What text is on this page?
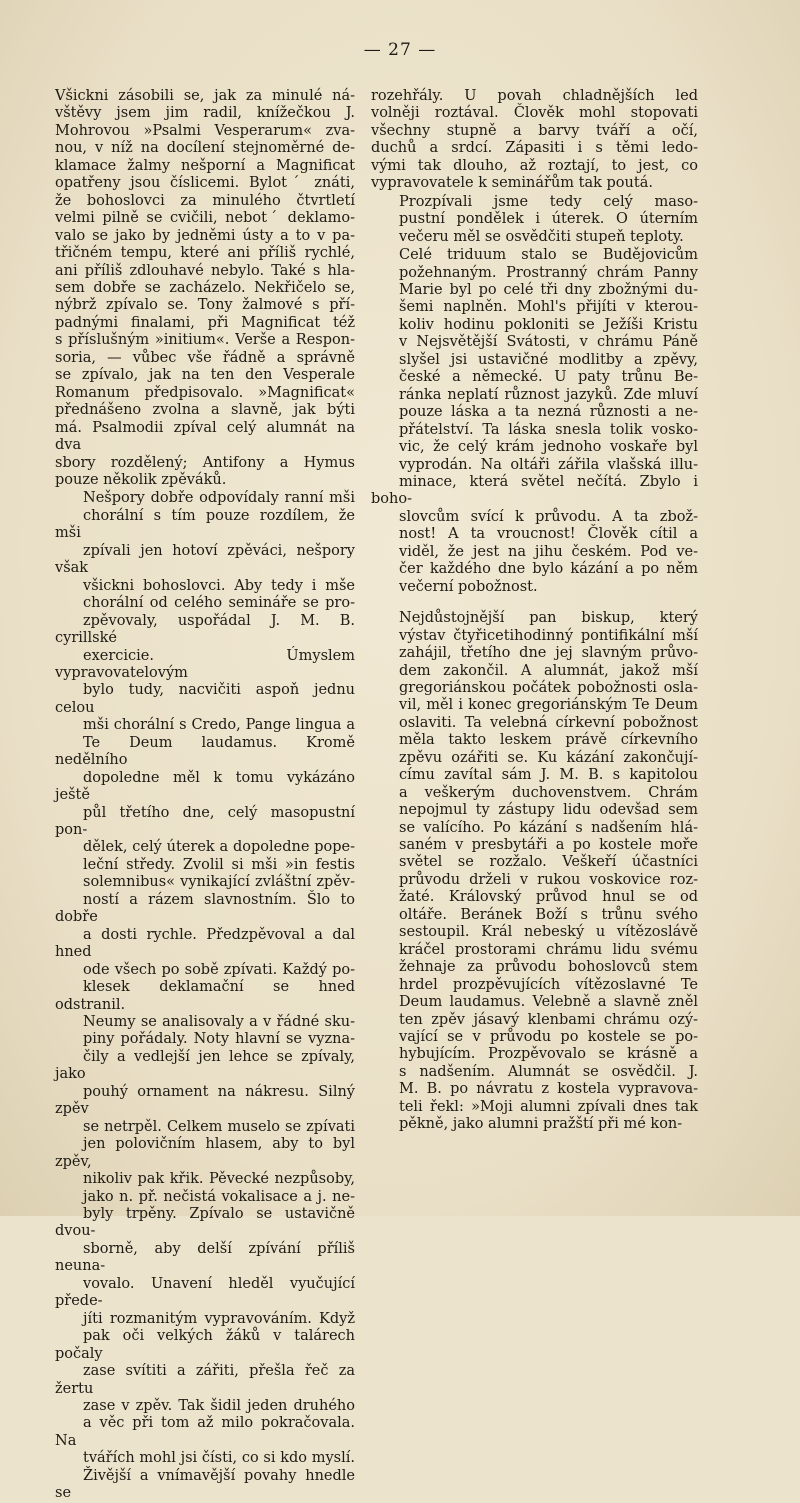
— 27 —
Všickni zásobili se, jak za minulé ná-
vštěvy jsem jim radil, knížečkou J.
Mohrovou »Psalmi Vesperarum« zva-
nou, v níž na docílení stejnoměrné de-
klamace žalmy nešporní a Magnificat
opatřeny jsou číslicemi. Bylotˊ znáti,
že bohoslovci za minulého čtvrtletí
velmi pilně se cvičili, nebotˊ deklamo-
valo se jako by jedněmi ústy a to v pa-
třičném tempu, které ani příliš rychlé,
ani příliš zdlouhavé nebylo. Také s hla-
sem dobře se zacházelo. Nekřičelo se,
nýbrž zpívalo se. Tony žalmové s pří-
padnými finalami, při Magnificat též
s příslušným »initium«. Verše a Respon-
soria, — vůbec vše řádně a správně
se zpívalo, jak na ten den Vesperale
Romanum předpisovalo. »Magnificat«
přednášeno zvolna a slavně, jak býti
má. Psalmodii zpíval celý alumnát na dva
sbory rozdělený; Antifony a Hymus
pouze několik zpěváků.
Nešpory dobře odpovídaly ranní mši
chorální s tím pouze rozdílem, že mši
zpívali jen hotoví zpěváci, nešpory však
všickni bohoslovci. Aby tedy i mše
chorální od celého semináře se pro-
zpěvovaly, uspořádal J. M. B. cyrillské
exercicie. Úmyslem vypravovatelovým
bylo tudy, nacvičiti aspoň jednu celou
mši chorální s Credo, Pange lingua a
Te Deum laudamus. Kromě nedělního
dopoledne měl k tomu vykázáno ještě
půl třetího dne, celý masopustní pon-
dělek, celý úterek a dopoledne pope-
leční středy. Zvolil si mši »in festis
solemnibus« vynikající zvláštní zpěv-
ností a rázem slavnostním. Šlo to dobře
a dosti rychle. Předzpěvoval a dal hned
ode všech po sobě zpívati. Každý po-
klesek deklamační se hned odstranil.
Neumy se analisovaly a v řádné sku-
piny pořádaly. Noty hlavní se vyzna-
čily a vedlejší jen lehce se zpívaly, jako
pouhý ornament na nákresu. Silný zpěv
se netrpěl. Celkem muselo se zpívati
jen polovičním hlasem, aby to byl zpěv,
nikoliv pak křik. Pěvecké nezpůsoby,
jako n. př. nečistá vokalisace a j. ne-
byly trpěny. Zpívalo se ustavičně dvou-
sborně, aby delší zpívání příliš neuna-
vovalo. Unavení hleděl vyučující přede-
jíti rozmanitým vypravováním. Když
pak oči velkých žáků v talárech počaly
zase svítiti a zářiti, přešla řeč za žertu
zase v zpěv. Tak šidil jeden druhého
a věc při tom až milo pokračovala. Na
tvářích mohl jsi čísti, co si kdo myslí.
Živější a vnímavější povahy hnedle se
rozehřály. U povah chladnějších led
volněji roztával. Člověk mohl stopovati
všechny stupně a barvy tváří a očí,
duchů a srdcí. Zápasiti i s těmi ledo-
vými tak dlouho, až roztají, to jest, co
vypravovatele k seminářům tak poutá.
Prozpívali jsme tedy celý maso-
pustní pondělek i úterek. O úterním
večeru měl se osvědčiti stupeň teploty.
Celé triduum stalo se Budějovicům
požehnaným. Prostranný chrám Panny
Marie byl po celé tři dny zbožnými du-
šemi naplněn. Mohl's přijíti v kterou-
koliv hodinu pokloniti se Ježíši Kristu
v Nejsvětější Svátosti, v chrámu Páně
slyšel jsi ustavičné modlitby a zpěvy,
české a německé. U paty trůnu Be-
ránka neplatí různost jazyků. Zde mluví
pouze láska a ta nezná různosti a ne-
přátelství. Ta láska snesla tolik vosko-
vic, že celý krám jednoho voskaře byl
vyprodán. Na oltáři zářila vlašská illu-
minace, která světel nečítá. Zbylo i boho-
slovcům svící k průvodu. A ta zbož-
nost! A ta vroucnost! Člověk cítil a
viděl, že jest na jihu českém. Pod ve-
čer každého dne bylo kázání a po něm
večerní pobožnost.
Nejdůstojnější pan biskup, který
výstav čtyřicetihodinný pontifikální mší
zahájil, třetího dne jej slavným průvo-
dem zakončil. A alumnát, jakož mší
gregoriánskou počátek pobožnosti osla-
vil, měl i konec gregoriánským Te Deum
oslaviti. Ta velebná církevní pobožnost
měla takto leskem právě církevního
zpěvu ozářiti se. Ku kázání zakončují-
címu zavítal sám J. M. B. s kapitolou
a veškerým duchovenstvem. Chrám
nepojmul ty zástupy lidu odevšad sem
se valícího. Po kázání s nadšením hlá-
saném v presbytáři a po kostele moře
světel se rozžalo. Veškeří účastníci
průvodu drželi v rukou voskovice roz-
žaté. Královský průvod hnul se od
oltáře. Beránek Boží s trůnu svého
sestoupil. Král nebeský u vítězoslávě
kráčel prostorami chrámu lidu svému
žehnaje za průvodu bohoslovců stem
hrdel prozpěvujících vítězoslavné Te
Deum laudamus. Velebně a slavně zněl
ten zpěv jásavý klenbami chrámu ozý-
vající se v průvodu po kostele se po-
hybujícím. Prozpěvovalo se krásně a
s nadšením. Alumnát se osvědčil. J.
M. B. po návratu z kostela vypravova-
teli řekl: »Moji alumni zpívali dnes tak
pěkně, jako alumni pražští při mé kon-
